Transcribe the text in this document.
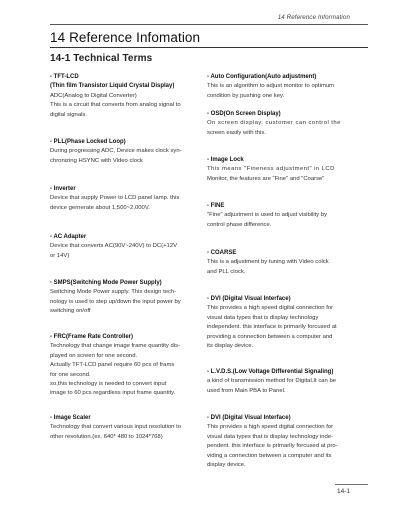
14 Reference Information
14 Reference Infomation
14-1 Technical Terms
- TFT-LCD
(Thin film Transistor Liquid Crystal Display)
ADC(Analog to Digital Converter)
This is a circuit that converts from analog signal to
digital signals.
- PLL(Phase Locked Loop)
During progressing ADC, Device makes clock syn-
chronizing HSYNC with Video clock
- Inverter
Device that supply Power to LCD panel lamp. this
device gernerate about 1,500~2,000V.
- AC Adapter
Device that converts AC(90V~240V) to DC(+12V
or 14V)
- SMPS(Switching Mode Power Supply)
Switching Mode Power supply. This design tech-
nology is used to step up/down the input power by
switching on/off
- FRC(Frame Rate Controller)
Technology that change image frame quantity dis-
played on screen for one second.
Actually TFT-LCD panel require 60 pcs of frams
for one second.
so,this technology is needed to convert input
image to 60 pcs regardless input frame quantity.
- Image Scaler
Technology that convert various input resolution to
other resolution.(ex. 640* 480 to 1024*768)
- Auto Configuration(Auto adjustment)
This is an algorithm to adjust monitor to optimum
condition by pushing one key.
- OSD(On Screen Display)
On screen display. customer can control the
screen easily with this.
- Image Lock
This means "Fineness adjustment" in LCD
Monitor, the features are "Fine" and "Coarse"
- FINE
"Fine" adjustment is used to adjust visibility by
control phase difference.
- COARSE
This is a adjustment by tuning with Video colck
and PLL clock.
- DVI (Digital Visual Interface)
This provides a high speed digital connection for
visual data types that is display technology
independent. this interface is primarily forcused at
providing a connection between a computer and
its display device.
- L.V.D.S.(Low Voltage Differential Signaling)
a kind of transmission method for Digital.It can be
used from Main PBA to Panel.
- DVI (Digital Visual Interface)
This provides a high speed digital connection for
visual data types that is display technology inde-
pendent. this interface is primarily forcused at pro-
viding a connection between a computer and its
display device.
14-1
